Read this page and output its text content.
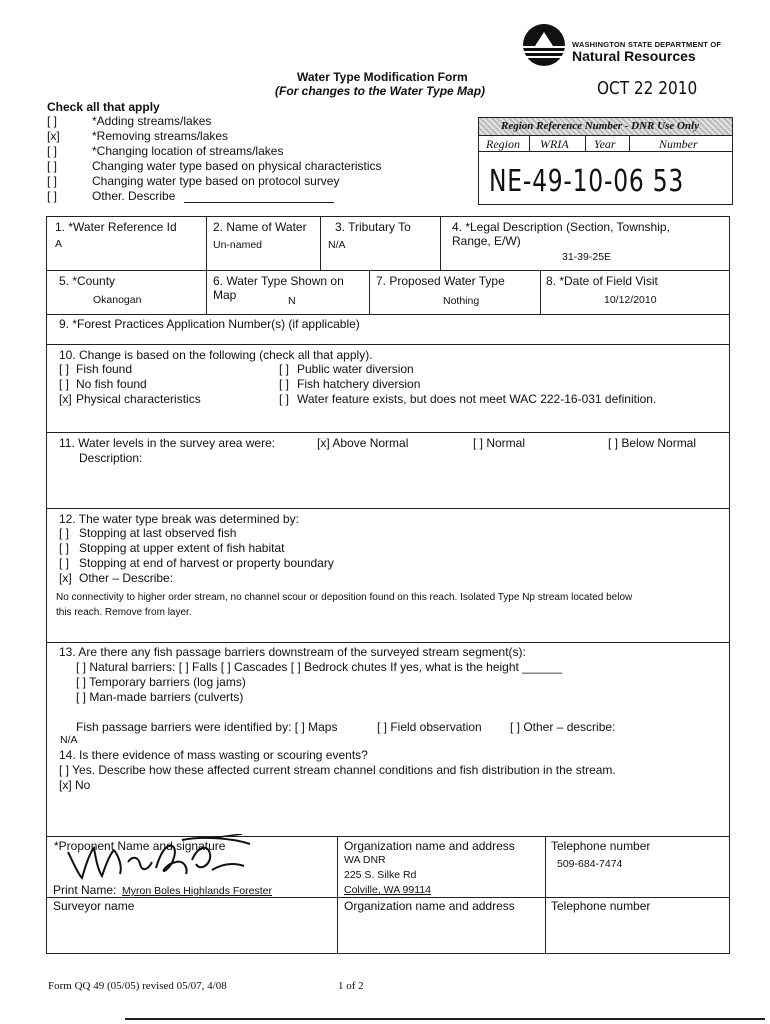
WASHINGTON STATE DEPARTMENT OF
Natural Resources
Water Type Modification Form
(For changes to the Water Type Map)	OCT 22 2010
Check all that apply
[ ]	*Adding streams/lakes
[x]	*Removing streams/lakes
[ ]	*Changing location of streams/lakes
[ ]	Changing water type based on physical characteristics
[ ]	Changing water type based on protocol survey
[ ]	Other. Describe
Region Reference Number - DNR Use Only
Region WRIA Year	Number
NE-49-10-06 53
1. *Water Reference Id
A
2. Name of Water
Un-named
3. Tributary To
N/A
4. *Legal Description (Section, Township,
Range, E/W)
31-39-25E
5. *County
Okanogan
6. Water Type Shown on
Map	N
7. Proposed Water Type
Nothing
8. *Date of Field Visit
10/12/2010
9. *Forest Practices Application Number(s) (if applicable)
10. Change is based on the following (check all that apply).
[ ] Fish found
[ ] No fish found
[x] Physical characteristics
[ ] Public water diversion
[ ] Fish hatchery diversion
[ ] Water feature exists, but does not meet WAC 222-16-031 definition.
11. Water levels in the survey area were:	[x] Above Normal	[ ] Normal	[ ] Below Normal
Description:
12. The water type break was determined by:
[ ] Stopping at last observed fish
[ ] Stopping at upper extent of fish habitat
[ ] Stopping at end of harvest or property boundary
[x] Other – Describe:
No connectivity to higher order stream, no channel scour or deposition found on this reach. Isolated Type Np stream located below
this reach. Remove from layer.
13. Are there any fish passage barriers downstream of the surveyed stream segment(s):
[ ] Natural barriers: [ ] Falls [ ] Cascades [ ] Bedrock chutes If yes, what is the height ______
[ ] Temporary barriers (log jams)
[ ] Man-made barriers (culverts)
Fish passage barriers were identified by: [ ] Maps	[ ] Field observation [ ] Other – describe:
N/A
14. Is there evidence of mass wasting or scouring events?
[ ] Yes. Describe how these affected current stream channel conditions and fish distribution in the stream.
[x] No
*Proponent Name and signature
Print Name: Myron Boles Highlands Forester
Organization name and address
WA DNR
225 S. Silke Rd
Colville, WA 99114
Telephone number
509-684-7474
Surveyor name	Organization name and address	Telephone number
Form QQ 49 (05/05) revised 05/07, 4/08	1 of 2
